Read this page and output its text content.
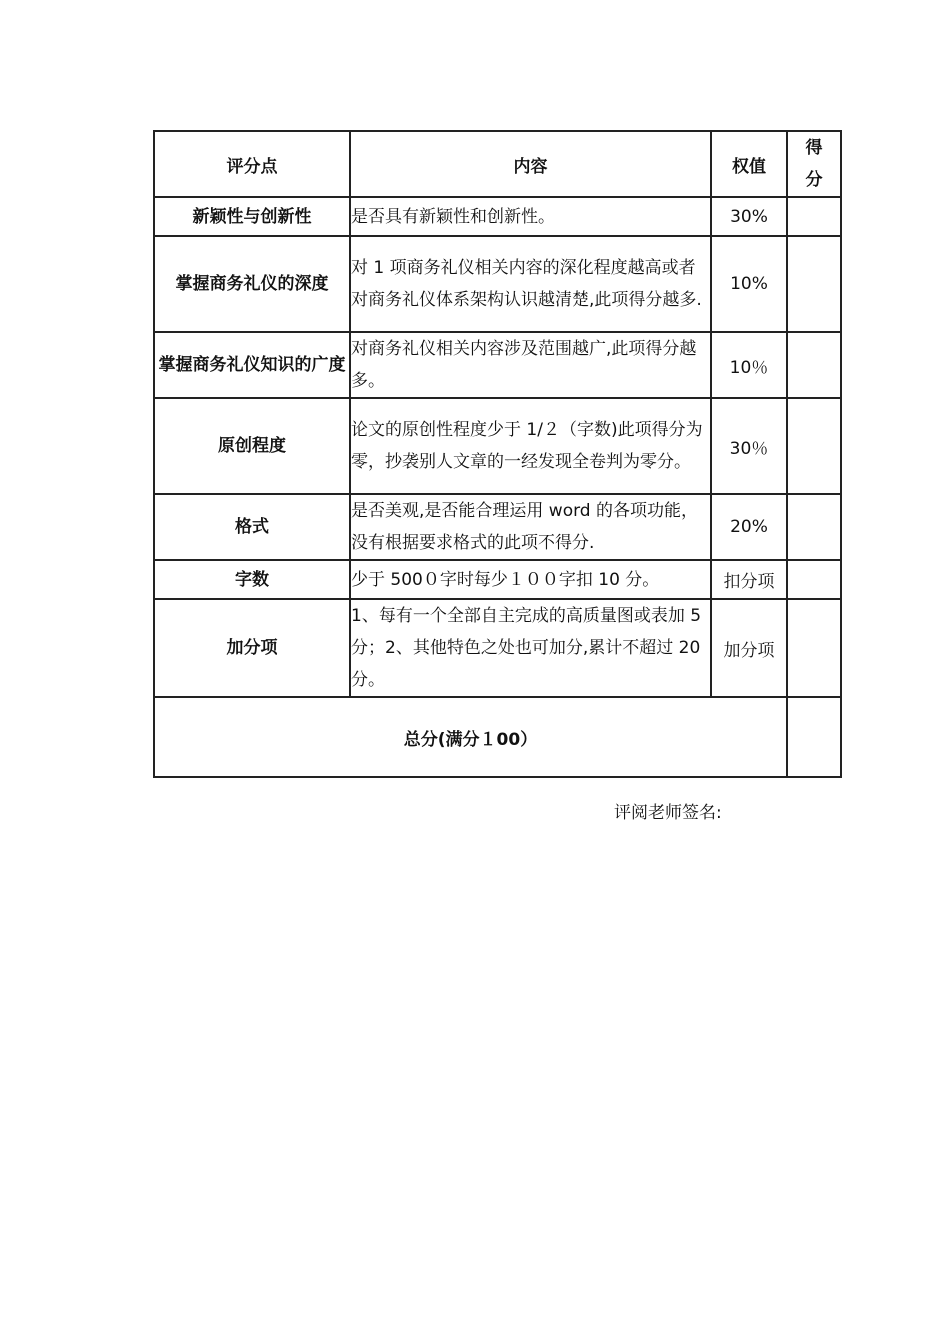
评分点	内容	权值	得分
新颖性与创新性	是否具有新颖性和创新性。	30%	
掌握商务礼仪的深度	对 1 项商务礼仪相关内容的深化程度越高或者对商务礼仪体系架构认识越清楚,此项得分越多.	10%	
掌握商务礼仪知识的广度	对商务礼仪相关内容涉及范围越广,此项得分越多。	10％	
原创程度	论文的原创性程度少于 1/２（字数)此项得分为零，抄袭别人文章的一经发现全卷判为零分。	30％	
格式	是否美观,是否能合理运用 word 的各项功能，没有根据要求格式的此项不得分.	20%	
字数	少于 500０字时每少１００字扣 10 分。	扣分项	
加分项	1、每有一个全部自主完成的高质量图或表加 5 分；2、其他特色之处也可加分,累计不超过 20 分。	加分项	
总分(满分１00）			
评阅老师签名:
